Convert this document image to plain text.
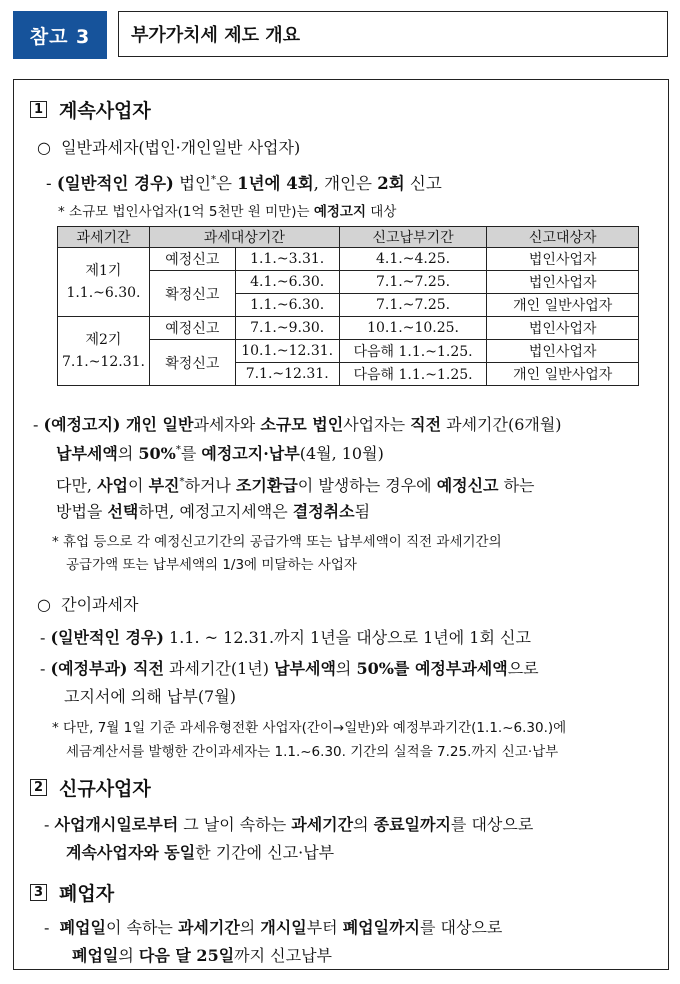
참고 3	부가가치세 제도 개요
1 계속사업자
○ 일반과세자(법인·개인일반 사업자)
- (일반적인 경우) 법인*은 1년에 4회, 개인은 2회 신고
* 소규모 법인사업자(1억 5천만 원 미만)는 예정고지 대상
과세기간	과세대상기간		신고납부기간	신고대상자
제1기
1.1.~6.30.	예정신고	1.1.~3.31.	4.1.~4.25.	법인사업자
	확정신고	4.1.~6.30.	7.1.~7.25.	법인사업자
		1.1.~6.30.	7.1.~7.25.	개인 일반사업자
제2기
7.1.~12.31.	예정신고	7.1.~9.30.	10.1.~10.25.	법인사업자
	확정신고	10.1.~12.31.	다음해 1.1.~1.25.	법인사업자
		7.1.~12.31.	다음해 1.1.~1.25.	개인 일반사업자
- (예정고지) 개인 일반과세자와 소규모 법인사업자는 직전 과세기간(6개월)
납부세액의 50%*를 예정고지·납부(4월, 10월)
다만, 사업이 부진*하거나 조기환급이 발생하는 경우에 예정신고 하는
방법을 선택하면, 예정고지세액은 결정취소됨
* 휴업 등으로 각 예정신고기간의 공급가액 또는 납부세액이 직전 과세기간의
공급가액 또는 납부세액의 1/3에 미달하는 사업자
○ 간이과세자
- (일반적인 경우) 1.1. ~ 12.31.까지 1년을 대상으로 1년에 1회 신고
- (예정부과) 직전 과세기간(1년) 납부세액의 50%를 예정부과세액으로
고지서에 의해 납부(7월)
* 다만, 7월 1일 기준 과세유형전환 사업자(간이→일반)와 예정부과기간(1.1.~6.30.)에
세금계산서를 발행한 간이과세자는 1.1.~6.30. 기간의 실적을 7.25.까지 신고·납부
2 신규사업자
- 사업개시일로부터 그 날이 속하는 과세기간의 종료일까지를 대상으로
계속사업자와 동일한 기간에 신고·납부
3 폐업자
- 폐업일이 속하는 과세기간의 개시일부터 폐업일까지를 대상으로
폐업일의 다음 달 25일까지 신고납부
